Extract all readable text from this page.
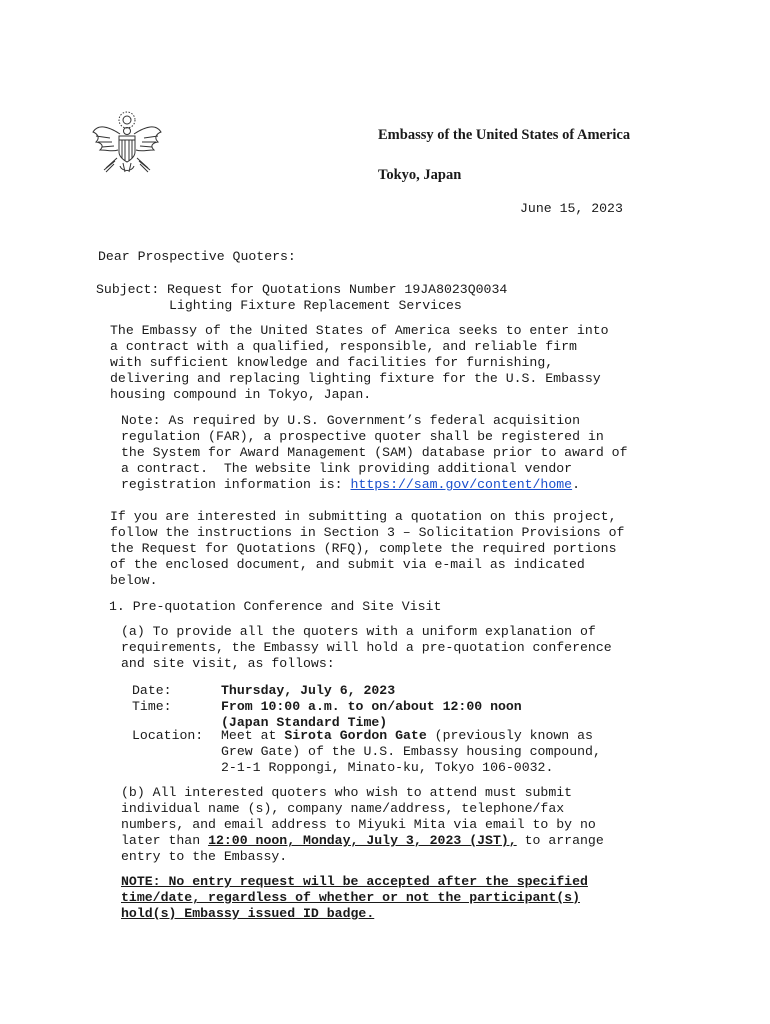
Embassy of the United States of America
Tokyo, Japan
June 15, 2023
Dear Prospective Quoters:
Subject: Request for Quotations Number 19JA8023Q0034
Lighting Fixture Replacement Services
The Embassy of the United States of America seeks to enter into
a contract with a qualified, responsible, and reliable firm
with sufficient knowledge and facilities for furnishing,
delivering and replacing lighting fixture for the U.S. Embassy
housing compound in Tokyo, Japan.
Note: As required by U.S. Government’s federal acquisition
regulation (FAR), a prospective quoter shall be registered in
the System for Award Management (SAM) database prior to award of
a contract.  The website link providing additional vendor
registration information is: https://sam.gov/content/home.
If you are interested in submitting a quotation on this project,
follow the instructions in Section 3 – Solicitation Provisions of
the Request for Quotations (RFQ), complete the required portions
of the enclosed document, and submit via e-mail as indicated
below.
1. Pre-quotation Conference and Site Visit
(a) To provide all the quoters with a uniform explanation of
requirements, the Embassy will hold a pre-quotation conference
and site visit, as follows:
Date:	Thursday, July 6, 2023
Time:	From 10:00 a.m. to on/about 12:00 noon
(Japan Standard Time)
Location: Meet at Sirota Gordon Gate (previously known as
Grew Gate) of the U.S. Embassy housing compound,
2-1-1 Roppongi, Minato-ku, Tokyo 106-0032.
(b) All interested quoters who wish to attend must submit
individual name (s), company name/address, telephone/fax
numbers, and email address to Miyuki Mita via email to by no
later than 12:00 noon, Monday, July 3, 2023 (JST), to arrange
entry to the Embassy.
NOTE: No entry request will be accepted after the specified
time/date, regardless of whether or not the participant(s)
hold(s) Embassy issued ID badge.
